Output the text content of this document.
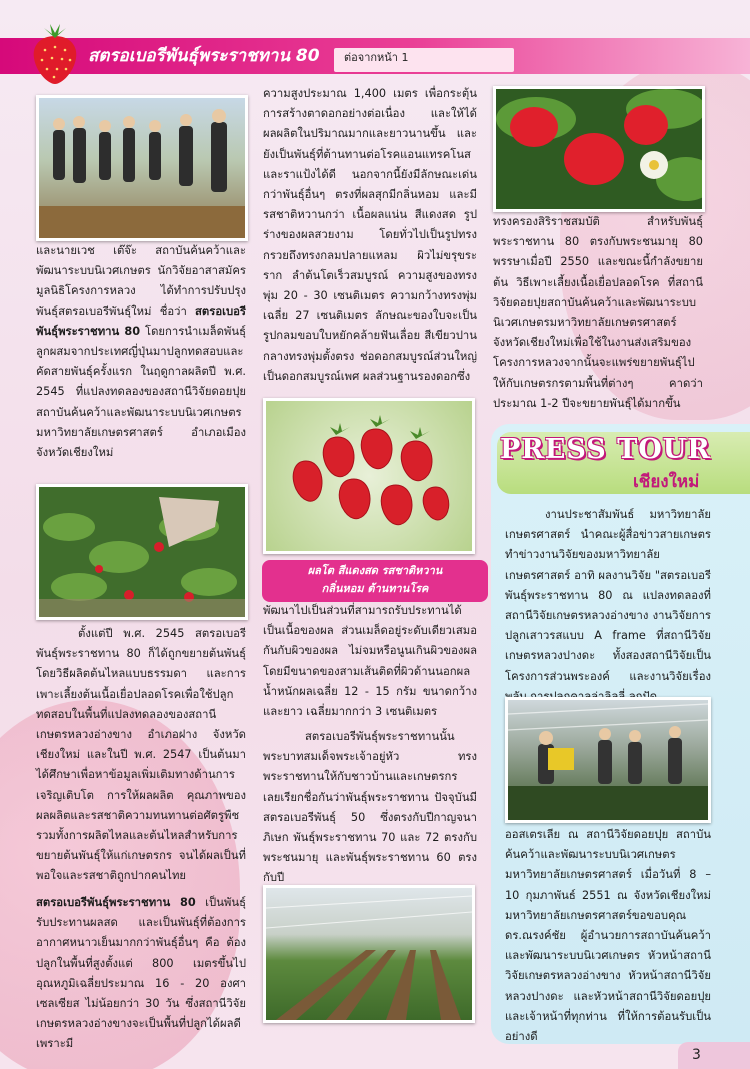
สตรอเบอรีพันธุ์พระราชทาน 80	ต่อจากหน้า 1

และนายเวช เต๊จ๊ะ สถาบันค้นคว้าและพัฒนาระบบนิเวศเกษตร นักวิจัยอาสาสมัครมูลนิธิโครงการหลวง ได้ทำการปรับปรุงพันธุ์สตรอเบอรีพันธุ์ใหม่ ชื่อว่า สตรอเบอรีพันธุ์พระราชทาน 80 โดยการนำเมล็ดพันธุ์ลูกผสมจากประเทศญี่ปุ่นมาปลูกทดสอบและคัดสายพันธุ์ครั้งแรก ในฤดูกาลผลิตปี พ.ศ. 2545 ที่แปลงทดลองของสถานีวิจัยดอยปุยสถาบันค้นคว้าและพัฒนาระบบนิเวศเกษตรมหาวิทยาลัยเกษตรศาสตร์ อำเภอเมือง จังหวัดเชียงใหม่

ตั้งแต่ปี พ.ศ. 2545 สตรอเบอรีพันธุ์พระราชทาน 80 ก็ได้ถูกขยายต้นพันธุ์โดยวิธีผลิตต้นไหลแบบธรรมดา และการเพาะเลี้ยงต้นเนื้อเยื่อปลอดโรคเพื่อใช้ปลูกทดสอบในพื้นที่แปลงทดลองของสถานีเกษตรหลวงอ่างขาง อำเภอฝาง จังหวัดเชียงใหม่ และในปี พ.ศ. 2547 เป็นต้นมาได้ศึกษาเพื่อหาข้อมูลเพิ่มเติมทางด้านการเจริญเติบโต การให้ผลผลิต คุณภาพของผลผลิตและรสชาติความทนทานต่อศัตรูพืช รวมทั้งการผลิตไหลและต้นไหลสำหรับการขยายต้นพันธุ์ให้แก่เกษตรกร จนได้ผลเป็นที่พอใจและรสชาติถูกปากคนไทย

สตรอเบอรีพันธุ์พระราชทาน 80 เป็นพันธุ์รับประทานผลสด และเป็นพันธุ์ที่ต้องการอากาศหนาวเย็นมากกว่าพันธุ์อื่นๆ คือ ต้องปลูกในพื้นที่สูงตั้งแต่ 800 เมตรขึ้นไปอุณหภูมิเฉลี่ยประมาณ 16 - 20 องศาเซลเซียส ไม่น้อยกว่า 30 วัน ซึ่งสถานีวิจัยเกษตรหลวงอ่างขางจะเป็นพื้นที่ปลูกได้ผลดี เพราะมี

ความสูงประมาณ 1,400 เมตร เพื่อกระตุ้นการสร้างตาดอกอย่างต่อเนื่อง และให้ได้ผลผลิตในปริมาณมากและยาวนานขึ้น และยังเป็นพันธุ์ที่ต้านทานต่อโรคแอนแทรคโนส และราแป้งได้ดี นอกจากนี้ยังมีลักษณะเด่นกว่าพันธุ์อื่นๆ ตรงที่ผลสุกมีกลิ่นหอม และมีรสชาติหวานกว่า เนื้อผลแน่น สีแดงสด รูปร่างของผลสวยงาม โดยทั่วไปเป็นรูปทรงกรวยถึงทรงกลมปลายแหลม ผิวไม่ขรุขระ ราก ลำต้นโตเร็วสมบูรณ์ ความสูงของทรงพุ่ม 20 - 30 เซนติเมตร ความกว้างทรงพุ่มเฉลี่ย 27 เซนติเมตร ลักษณะของใบจะเป็นรูปกลมขอบใบหยักคล้ายฟันเลื่อย สีเขียวปานกลางทรงพุ่มตั้งตรง ช่อดอกสมบูรณ์ส่วนใหญ่เป็นดอกสมบูรณ์เพศ ผลส่วนฐานรองดอกซึ่ง

ผลโต สีแดงสด รสชาติหวาน
กลิ่นหอม ต้านทานโรค

พัฒนาไปเป็นส่วนที่สามารถรับประทานได้เป็นเนื้อของผล ส่วนเมล็ดอยู่ระดับเดียวเสมอกันกับผิวของผล ไม่จมหรือนูนเกินผิวของผลโดยมีขนาดของสามเส้นติดที่ผิวด้านนอกผลน้ำหนักผลเฉลี่ย 12 - 15 กรัม ขนาดกว้างและยาว เฉลี่ยมากกว่า 3 เซนติเมตร

สตรอเบอรีพันธุ์พระราชทานนั้น พระบาทสมเด็จพระเจ้าอยู่หัว ทรงพระราชทานให้กับชาวบ้านและเกษตรกร เลยเรียกชื่อกันว่าพันธุ์พระราชทาน ปัจจุบันมีสตรอเบอรีพันธุ์ 50 ซึ่งตรงกับปีกาญจนาภิเษก พันธุ์พระราชทาน 70 และ 72 ตรงกับพระชนมายุ และพันธุ์พระราชทาน 60 ตรงกับปี

ทรงครองสิริราชสมบัติ สำหรับพันธุ์พระราชทาน 80 ตรงกับพระชนมายุ 80 พรรษาเมื่อปี 2550 และขณะนี้กำลังขยายต้น วิธีเพาะเลี้ยงเนื้อเยื่อปลอดโรค ที่สถานีวิจัยดอยปุยสถาบันค้นคว้าและพัฒนาระบบนิเวศเกษตรมหาวิทยาลัยเกษตรศาสตร์ จังหวัดเชียงใหม่เพื่อใช้ในงานส่งเสริมของโครงการหลวงจากนั้นจะแพร่ขยายพันธุ์ไปให้กับเกษตรกรตามพื้นที่ต่างๆ คาดว่าประมาณ 1-2 ปีจะขยายพันธุ์ได้มากขึ้น

PRESS TOUR
เชียงใหม่

งานประชาสัมพันธ์ มหาวิทยาลัยเกษตรศาสตร์ นำคณะผู้สื่อข่าวสายเกษตรทำข่าวงานวิจัยของมหาวิทยาลัยเกษตรศาสตร์ อาทิ ผลงานวิจัย "สตรอเบอรีพันธุ์พระราชทาน 80 ณ แปลงทดลองที่สถานีวิจัยเกษตรหลวงอ่างขาง งานวิจัยการปลูกเสาวรสแบบ A frame ที่สถานีวิจัยเกษตรหลวงปางดะ ทั้งสองสถานีวิจัยเป็นโครงการส่วนพระองค์ และงานวิจัยเรื่อง

ออสเตรเลีย ณ สถานีวิจัยดอยปุย สถาบันค้นคว้าและพัฒนาระบบนิเวศเกษตร มหาวิทยาลัยเกษตรศาสตร์ เมื่อวันที่ 8 – 10 กุมภาพันธ์ 2551 ณ จังหวัดเชียงใหม่ มหาวิทยาลัยเกษตรศาสตร์ขอขอบคุณ ดร.ณรงค์ชัย ผู้อำนวยการสถาบันค้นคว้าและพัฒนาระบบนิเวศเกษตร หัวหน้าสถานีวิจัยเกษตรหลวงอ่างขาง หัวหน้าสถานีวิจัยหลวงปางดะ และหัวหน้าสถานีวิจัยดอยปุย และเจ้าหน้าที่ทุกท่าน ที่ให้การต้อนรับเป็นอย่างดี

3
